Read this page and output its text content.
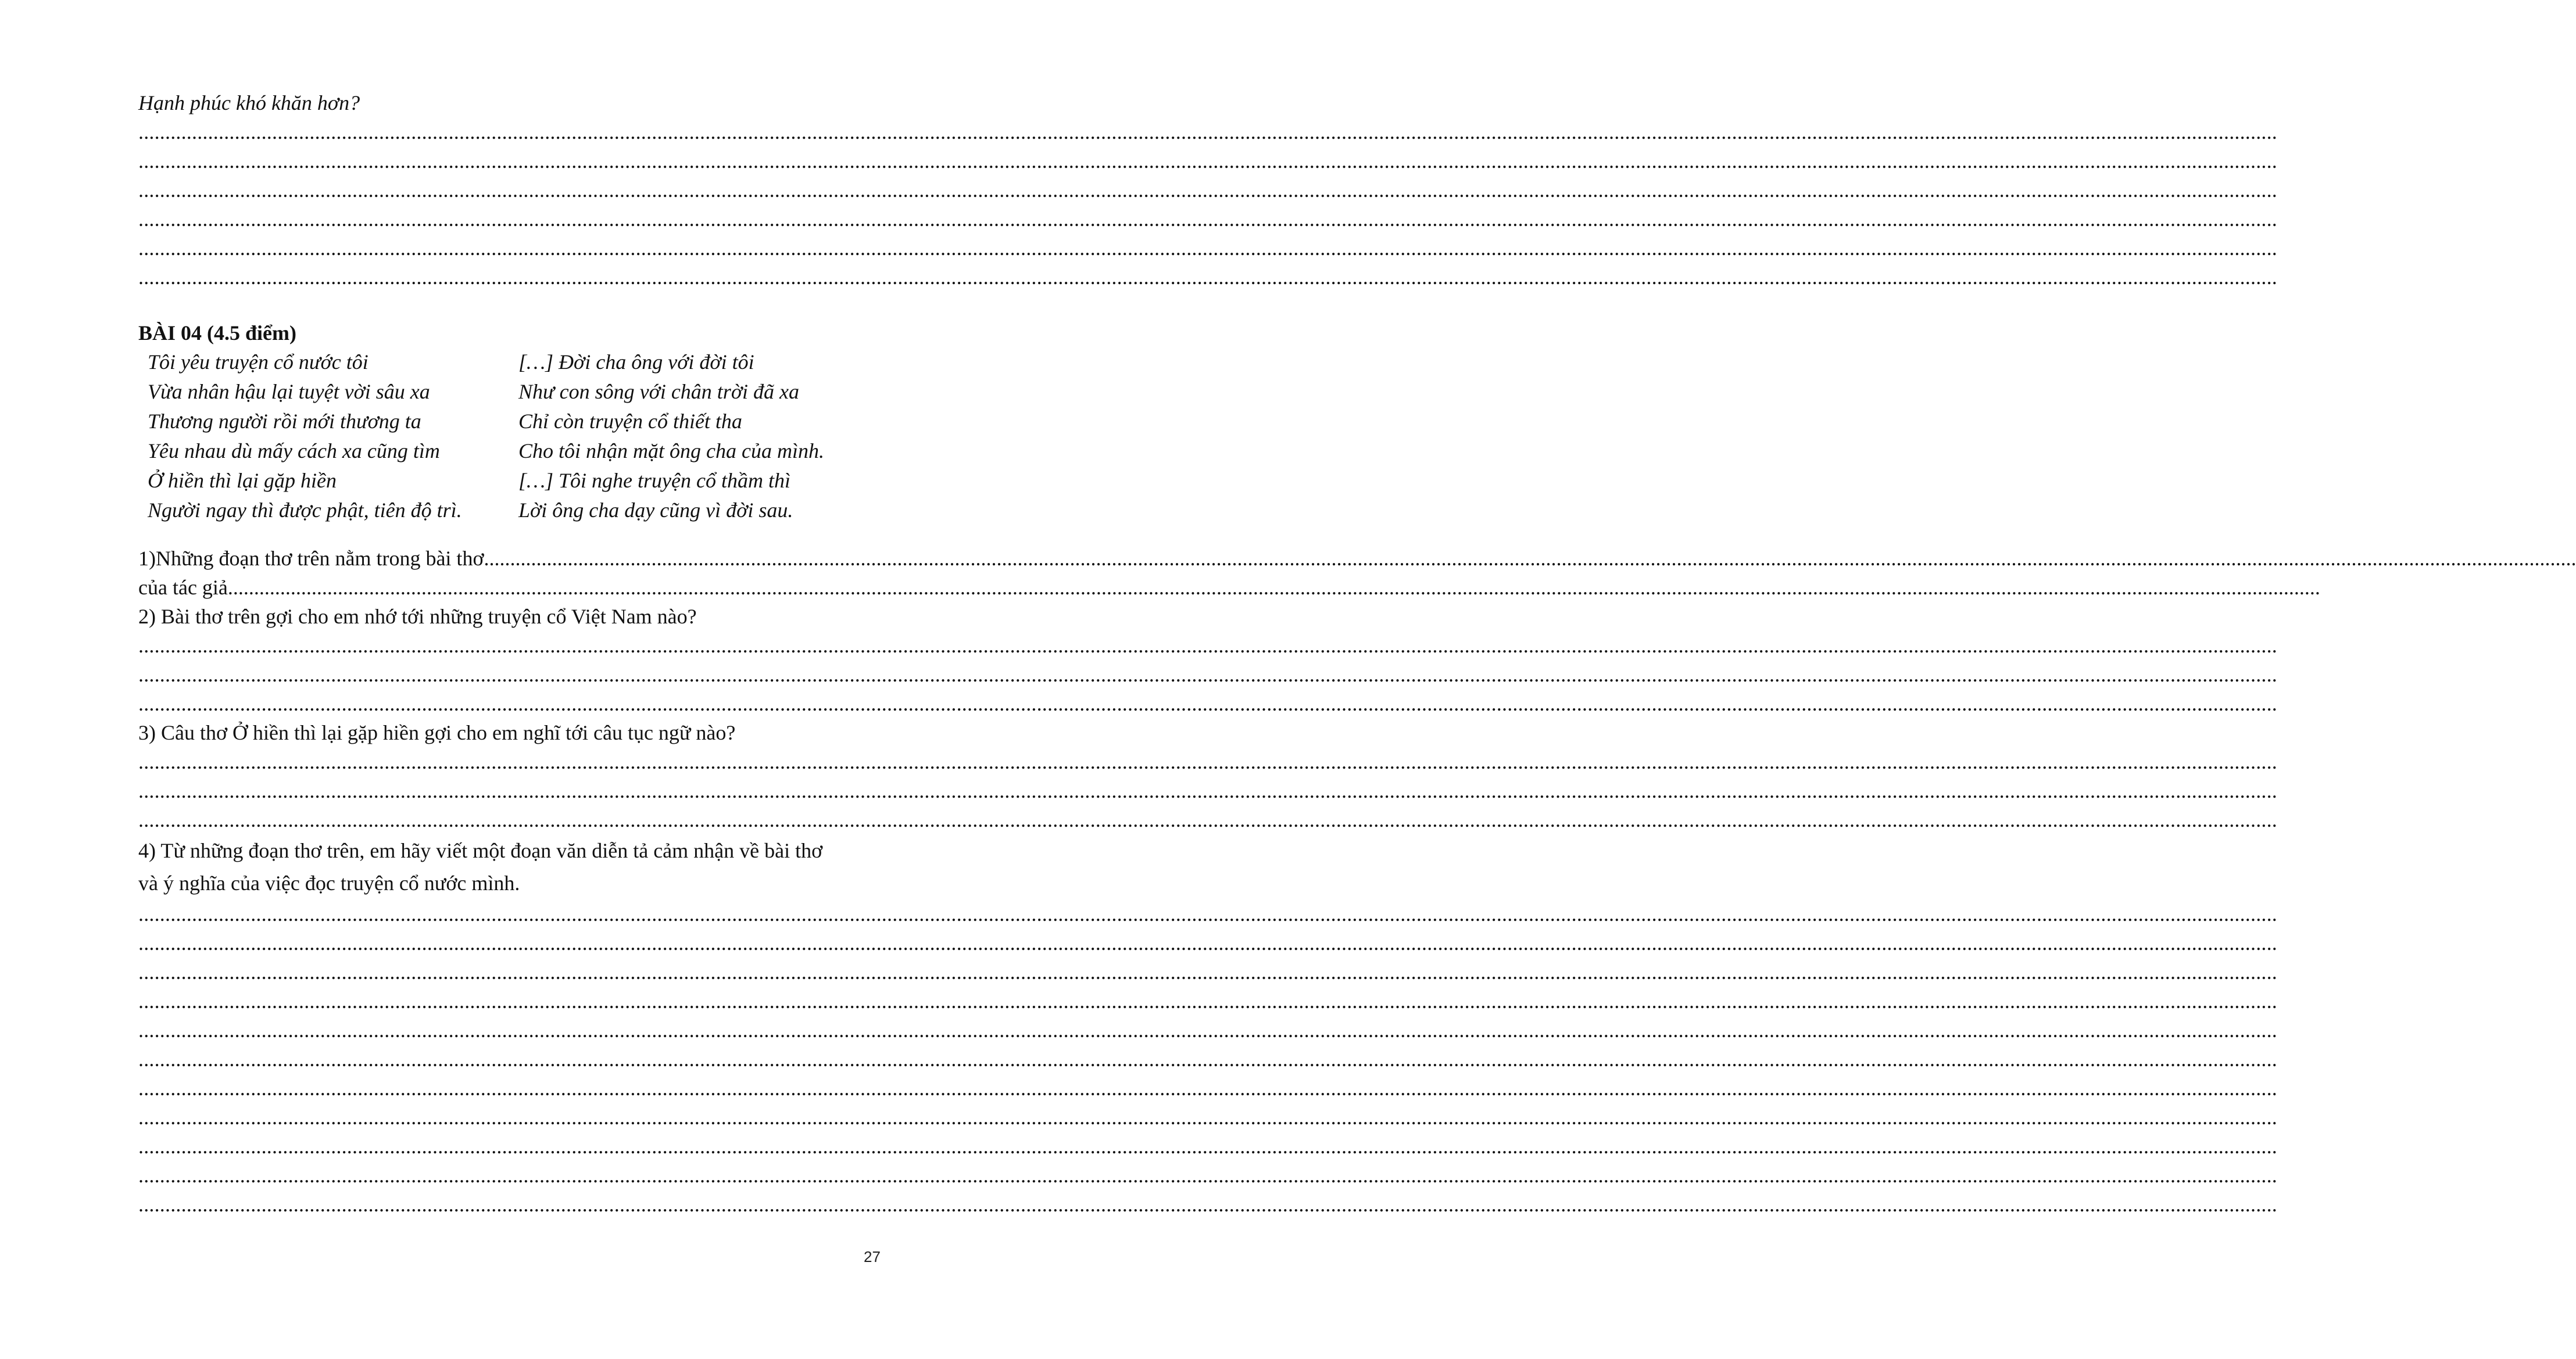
Hạnh phúc khó khăn hơn?
................................................................................................................................................................................................................................................................................................................................................................................................................
................................................................................................................................................................................................................................................................................................................................................................................................................
................................................................................................................................................................................................................................................................................................................................................................................................................
................................................................................................................................................................................................................................................................................................................................................................................................................
................................................................................................................................................................................................................................................................................................................................................................................................................
................................................................................................................................................................................................................................................................................................................................................................................................................
BÀI 04 (4.5 điểm)
Tôi yêu truyện cổ nước tôi
Vừa nhân hậu lại tuyệt vời sâu xa
Thương người rồi mới thương ta
Yêu nhau dù mấy cách xa cũng tìm
Ở hiền thì lại gặp hiền
Người ngay thì được phật, tiên độ trì.
[…] Đời cha ông với đời tôi
Như con sông với chân trời đã xa
Chỉ còn truyện cổ thiết tha
Cho tôi nhận mặt ông cha của mình.
[…] Tôi nghe truyện cổ thầm thì
Lời ông cha dạy cũng vì đời sau.
1)Những đoạn thơ trên nằm trong bài thơ ................................................................................................................................................................................................................................................................................................................................................................................................................
của tác giả ................................................................................................................................................................................................................................................................................................................................................................................................................
2) Bài thơ trên gợi cho em nhớ tới những truyện cổ Việt Nam nào?
................................................................................................................................................................................................................................................................................................................................................................................................................
................................................................................................................................................................................................................................................................................................................................................................................................................
................................................................................................................................................................................................................................................................................................................................................................................................................
3) Câu thơ Ở hiền thì lại gặp hiền gợi cho em nghĩ tới câu tục ngữ nào?
................................................................................................................................................................................................................................................................................................................................................................................................................
................................................................................................................................................................................................................................................................................................................................................................................................................
................................................................................................................................................................................................................................................................................................................................................................................................................
4) Từ những đoạn thơ trên, em hãy viết một đoạn văn diễn tả cảm nhận về bài thơ
và ý nghĩa của việc đọc truyện cổ nước mình.
................................................................................................................................................................................................................................................................................................................................................................................................................
................................................................................................................................................................................................................................................................................................................................................................................................................
................................................................................................................................................................................................................................................................................................................................................................................................................
................................................................................................................................................................................................................................................................................................................................................................................................................
................................................................................................................................................................................................................................................................................................................................................................................................................
................................................................................................................................................................................................................................................................................................................................................................................................................
................................................................................................................................................................................................................................................................................................................................................................................................................
................................................................................................................................................................................................................................................................................................................................................................................................................
................................................................................................................................................................................................................................................................................................................................................................................................................
................................................................................................................................................................................................................................................................................................................................................................................................................
................................................................................................................................................................................................................................................................................................................................................................................................................
27
